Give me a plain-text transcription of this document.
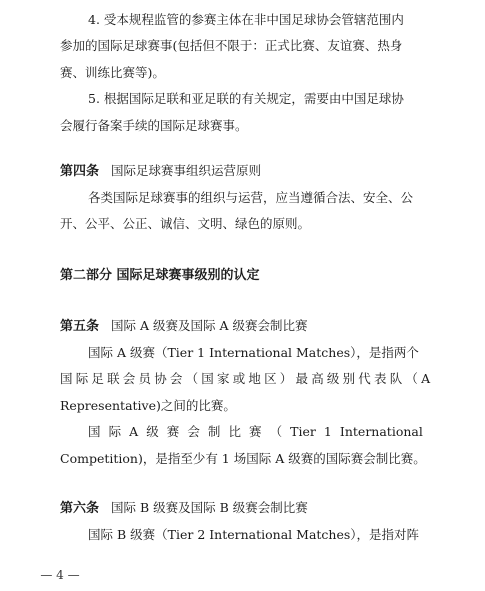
4. 受本规程监管的参赛主体在非中国足球协会管辖范围内
参加的国际足球赛事(包括但不限于：正式比赛、友谊赛、热身
赛、训练比赛等)。
5. 根据国际足联和亚足联的有关规定，需要由中国足球协
会履行备案手续的国际足球赛事。
第四条 国际足球赛事组织运营原则
各类国际足球赛事的组织与运营，应当遵循合法、安全、公
开、公平、公正、诚信、文明、绿色的原则。
第二部分 国际足球赛事级别的认定
第五条 国际 A 级赛及国际 A 级赛会制比赛
国际 A 级赛（Tier 1 International Matches），是指两个
国际足联会员协会（国家或地区）最高级别代表队（A
Representative)之间的比赛。
国 际 A 级 赛 会 制 比 赛 （ Tier 1 International
Competition)，是指至少有 1 场国际 A 级赛的国际赛会制比赛。
第六条 国际 B 级赛及国际 B 级赛会制比赛
国际 B 级赛（Tier 2 International Matches），是指对阵
— 4 —
